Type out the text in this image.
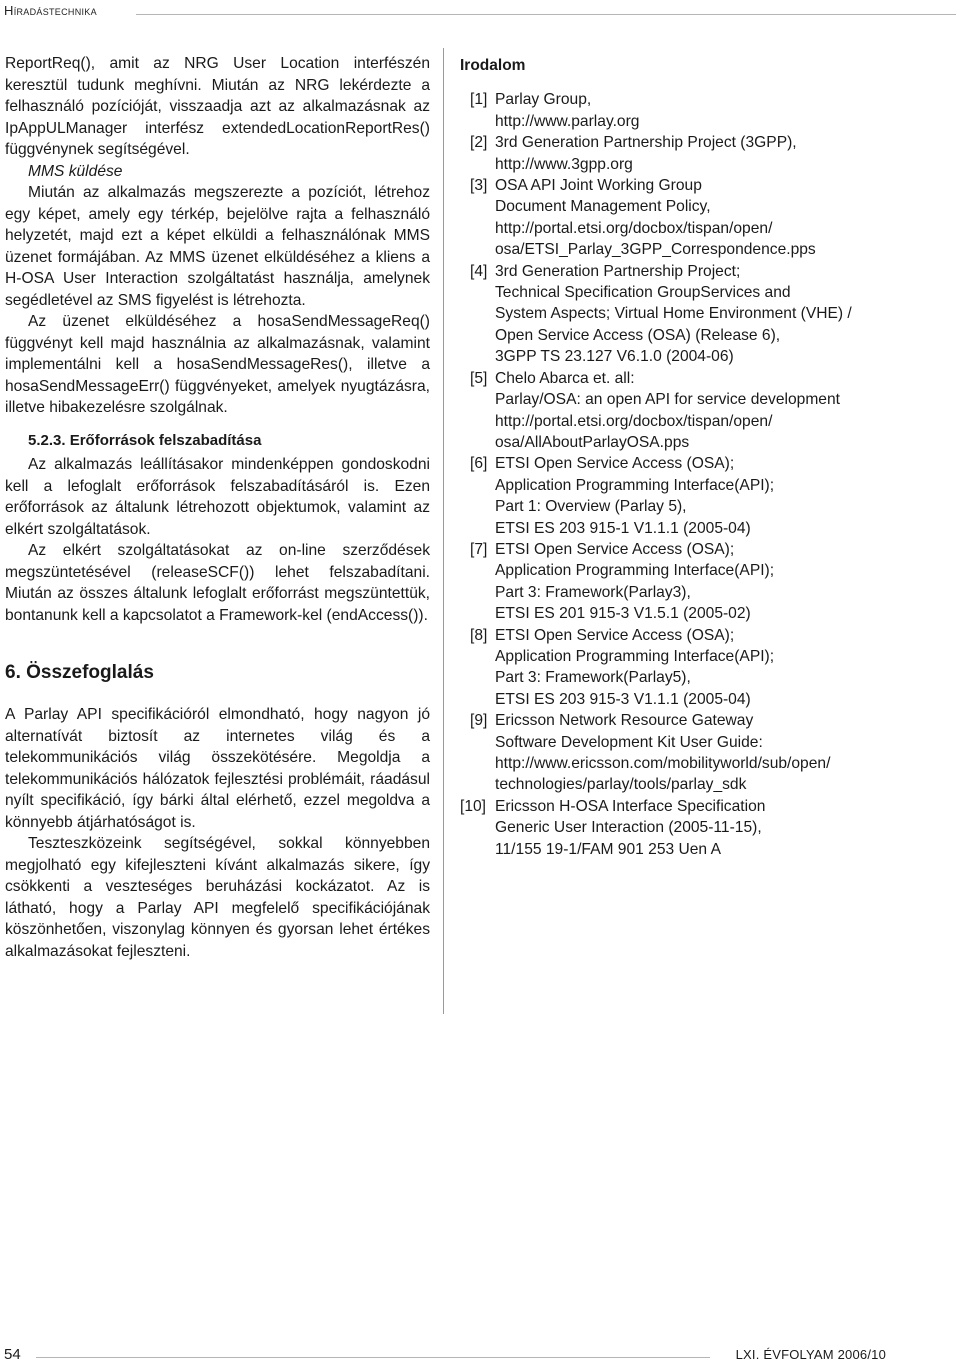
Híradástechnika

ReportReq(), amit az NRG User Location interfészén keresztül tudunk meghívni. Miután az NRG lekérdezte a felhasználó pozícióját, visszaadja azt az alkalmazásnak az IpAppULManager interfész extendedLocationReportRes() függvénynek segítségével.

MMS küldése

Miután az alkalmazás megszerezte a pozíciót, létrehoz egy képet, amely egy térkép, bejelölve rajta a felhasználó helyzetét, majd ezt a képet elküldi a felhasználónak MMS üzenet formájában. Az MMS üzenet elküldéséhez a kliens a H-OSA User Interaction szolgáltatást használja, amelynek segédletével az SMS figyelést is létrehozta.

Az üzenet elküldéséhez a hosaSendMessageReq() függvényt kell majd használnia az alkalmazásnak, valamint implementálni kell a hosaSendMessageRes(), illetve a hosaSendMessageErr() függvényeket, amelyek nyugtázásra, illetve hibakezelésre szolgálnak.

5.2.3. Erőforrások felszabadítása

Az alkalmazás leállításakor mindenképpen gondoskodni kell a lefoglalt erőforrások felszabadításáról is. Ezen erőforrások az általunk létrehozott objektumok, valamint az elkért szolgáltatások.

Az elkért szolgáltatásokat az on-line szerződések megszüntetésével (releaseSCF()) lehet felszabadítani. Miután az összes általunk lefoglalt erőforrást megszüntettük, bontanunk kell a kapcsolatot a Framework-kel (endAccess()).

6. Összefoglalás

A Parlay API specifikációról elmondható, hogy nagyon jó alternatívát biztosít az internetes világ és a telekommunikációs világ összekötésére. Megoldja a telekommunikációs hálózatok fejlesztési problémáit, ráadásul nyílt specifikáció, így bárki által elérhető, ezzel megoldva a könnyebb átjárhatóságot is.

Teszteszközeink segítségével, sokkal könnyebben megjolható egy kifejleszteni kívánt alkalmazás sikere, így csökkenti a veszteséges beruházási kockázatot. Az is látható, hogy a Parlay API megfelelő specifikációjának köszönhetően, viszonylag könnyen és gyorsan lehet értékes alkalmazásokat fejleszteni.

Irodalom

[1] Parlay Group,
http://www.parlay.org
[2] 3rd Generation Partnership Project (3GPP),
http://www.3gpp.org
[3] OSA API Joint Working Group
Document Management Policy,
http://portal.etsi.org/docbox/tispan/open/
osa/ETSI_Parlay_3GPP_Correspondence.pps
[4] 3rd Generation Partnership Project;
Technical Specification GroupServices and
System Aspects; Virtual Home Environment (VHE) /
Open Service Access (OSA) (Release 6),
3GPP TS 23.127 V6.1.0 (2004-06)
[5] Chelo Abarca et. all:
Parlay/OSA: an open API for service development
http://portal.etsi.org/docbox/tispan/open/
osa/AllAboutParlayOSA.pps
[6] ETSI Open Service Access (OSA);
Application Programming Interface(API);
Part 1: Overview (Parlay 5),
ETSI ES 203 915-1 V1.1.1 (2005-04)
[7] ETSI Open Service Access (OSA);
Application Programming Interface(API);
Part 3: Framework(Parlay3),
ETSI ES 201 915-3 V1.5.1 (2005-02)
[8] ETSI Open Service Access (OSA);
Application Programming Interface(API);
Part 3: Framework(Parlay5),
ETSI ES 203 915-3 V1.1.1 (2005-04)
[9] Ericsson Network Resource Gateway
Software Development Kit User Guide:
http://www.ericsson.com/mobilityworld/sub/open/
technologies/parlay/tools/parlay_sdk
[10] Ericsson H-OSA Interface Specification
Generic User Interaction (2005-11-15),
11/155 19-1/FAM 901 253 Uen A
54	LXI. ÉVFOLYAM 2006/10
